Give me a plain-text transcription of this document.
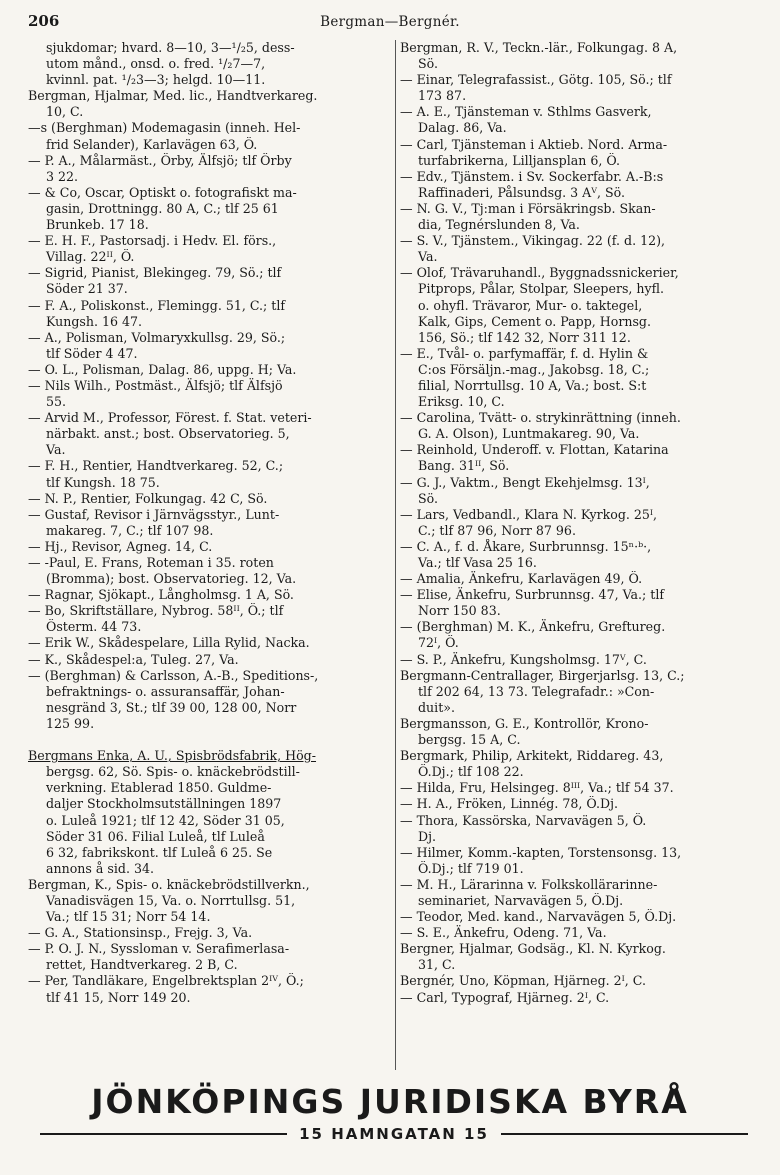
206	Bergman—Bergnér.
sjukdomar; hvard. 8—10, 3—¹/₂5, dess-
utom månd., onsd. o. fred. ¹/₂7—7,
kvinnl. pat. ¹/₂3—3; helgd. 10—11.
Bergman, Hjalmar, Med. lic., Handtverkareg.
10, C.
—s (Berghman) Modemagasin (inneh. Hel-
frid Selander), Karlavägen 63, Ö.
— P. A., Målarmäst., Örby, Älfsjö; tlf Örby
3 22.
— & Co, Oscar, Optiskt o. fotografiskt ma-
gasin, Drottningg. 80 A, C.; tlf 25 61
Brunkeb. 17 18.
— E. H. F., Pastorsadj. i Hedv. El. förs.,
Villag. 22ᴵᴵ, Ö.
— Sigrid, Pianist, Blekingeg. 79, Sö.; tlf
Söder 21 37.
— F. A., Poliskonst., Flemingg. 51, C.; tlf
Kungsh. 16 47.
— A., Polisman, Volmaryxkullsg. 29, Sö.;
tlf Söder 4 47.
— O. L., Polisman, Dalag. 86, uppg. H; Va.
— Nils Wilh., Postmäst., Älfsjö; tlf Älfsjö
55.
— Arvid M., Professor, Förest. f. Stat. veteri-
närbakt. anst.; bost. Observatorieg. 5,
Va.
— F. H., Rentier, Handtverkareg. 52, C.;
tlf Kungsh. 18 75.
— N. P., Rentier, Folkungag. 42 C, Sö.
— Gustaf, Revisor i Järnvägsstyr., Lunt-
makareg. 7, C.; tlf 107 98.
— Hj., Revisor, Agneg. 14, C.
— -Paul, E. Frans, Roteman i 35. roten
(Bromma); bost. Observatorieg. 12, Va.
— Ragnar, Sjökapt., Långholmsg. 1 A, Sö.
— Bo, Skriftställare, Nybrog. 58ᴵᴵ, Ö.; tlf
Österm. 44 73.
— Erik W., Skådespelare, Lilla Rylid, Nacka.
— K., Skådespel:a, Tuleg. 27, Va.
— (Berghman) & Carlsson, A.-B., Speditions-,
befraktnings- o. assuransaffär, Johan-
nesgränd 3, St.; tlf 39 00, 128 00, Norr
125 99.

Bergmans Enka, A. U., Spisbrödsfabrik, Hög-
bergsg. 62, Sö. Spis- o. knäckebrödstill-
verkning. Etablerad 1850. Guldme-
daljer Stockholmsutställningen 1897
o. Luleå 1921; tlf 12 42, Söder 31 05,
Söder 31 06. Filial Luleå, tlf Luleå
6 32, fabrikskont. tlf Luleå 6 25. Se
annons å sid. 34.
Bergman, K., Spis- o. knäckebrödstillverkn.,
Vanadisvägen 15, Va. o. Norrtullsg. 51,
Va.; tlf 15 31; Norr 54 14.
— G. A., Stationsinsp., Frejg. 3, Va.
— P. O. J. N., Syssloman v. Serafimerlasa-
rettet, Handtverkareg. 2 B, C.
— Per, Tandläkare, Engelbrektsplan 2ᴵⱽ, Ö.;
tlf 41 15, Norr 149 20.
Bergman, R. V., Teckn.-lär., Folkungag. 8 A,
Sö.
— Einar, Telegrafassist., Götg. 105, Sö.; tlf
173 87.
— A. E., Tjänsteman v. Sthlms Gasverk,
Dalag. 86, Va.
— Carl, Tjänsteman i Aktieb. Nord. Arma-
turfabrikerna, Lilljansplan 6, Ö.
— Edv., Tjänstem. i Sv. Sockerfabr. A.-B:s
Raffinaderi, Pålsundsg. 3 Aⱽ, Sö.
— N. G. V., Tj:man i Försäkringsb. Skan-
dia, Tegnérslunden 8, Va.
— S. V., Tjänstem., Vikingag. 22 (f. d. 12),
Va.
— Olof, Trävaruhandl., Byggnadssnickerier,
Pitprops, Pålar, Stolpar, Sleepers, hyfl.
o. ohyfl. Trävaror, Mur- o. taktegel,
Kalk, Gips, Cement o. Papp, Hornsg.
156, Sö.; tlf 142 32, Norr 311 12.
— E., Tvål- o. parfymaffär, f. d. Hylin &
C:os Försäljn.-mag., Jakobsg. 18, C.;
filial, Norrtullsg. 10 A, Va.; bost. S:t
Eriksg. 10, C.
— Carolina, Tvätt- o. strykinrättning (inneh.
G. A. Olson), Luntmakareg. 90, Va.
— Reinhold, Underoff. v. Flottan, Katarina
Bang. 31ᴵᴵ, Sö.
— G. J., Vaktm., Bengt Ekehjelmsg. 13ᴵ,
Sö.
— Lars, Vedbandl., Klara N. Kyrkog. 25ᴵ,
C.; tlf 87 96, Norr 87 96.
— C. A., f. d. Åkare, Surbrunnsg. 15ⁿ·ᵇ·,
Va.; tlf Vasa 25 16.
— Amalia, Änkefru, Karlavägen 49, Ö.
— Elise, Änkefru, Surbrunnsg. 47, Va.; tlf
Norr 150 83.
— (Berghman) M. K., Änkefru, Greftureg.
72ᴵ, Ö.
— S. P., Änkefru, Kungsholmsg. 17ⱽ, C.
Bergmann-Centrallager, Birgerjarlsg. 13, C.;
tlf 202 64, 13 73. Telegrafadr.: »Con-
duit».
Bergmansson, G. E., Kontrollör, Krono-
bergsg. 15 A, C.
Bergmark, Philip, Arkitekt, Riddareg. 43,
Ö.Dj.; tlf 108 22.
— Hilda, Fru, Helsingeg. 8ᴵᴵᴵ, Va.; tlf 54 37.
— H. A., Fröken, Linnég. 78, Ö.Dj.
— Thora, Kassörska, Narvavägen 5, Ö.
Dj.
— Hilmer, Komm.-kapten, Torstensonsg. 13,
Ö.Dj.; tlf 719 01.
— M. H., Lärarinna v. Folkskollärarinne-
seminariet, Narvavägen 5, Ö.Dj.
— Teodor, Med. kand., Narvavägen 5, Ö.Dj.
— S. E., Änkefru, Odeng. 71, Va.
Bergner, Hjalmar, Godsäg., Kl. N. Kyrkog.
31, C.
Bergnér, Uno, Köpman, Hjärneg. 2ᴵ, C.
— Carl, Typograf, Hjärneg. 2ᴵ, C.
JÖNKÖPINGS JURIDISKA BYRÅ
15 HAMNGATAN 15
